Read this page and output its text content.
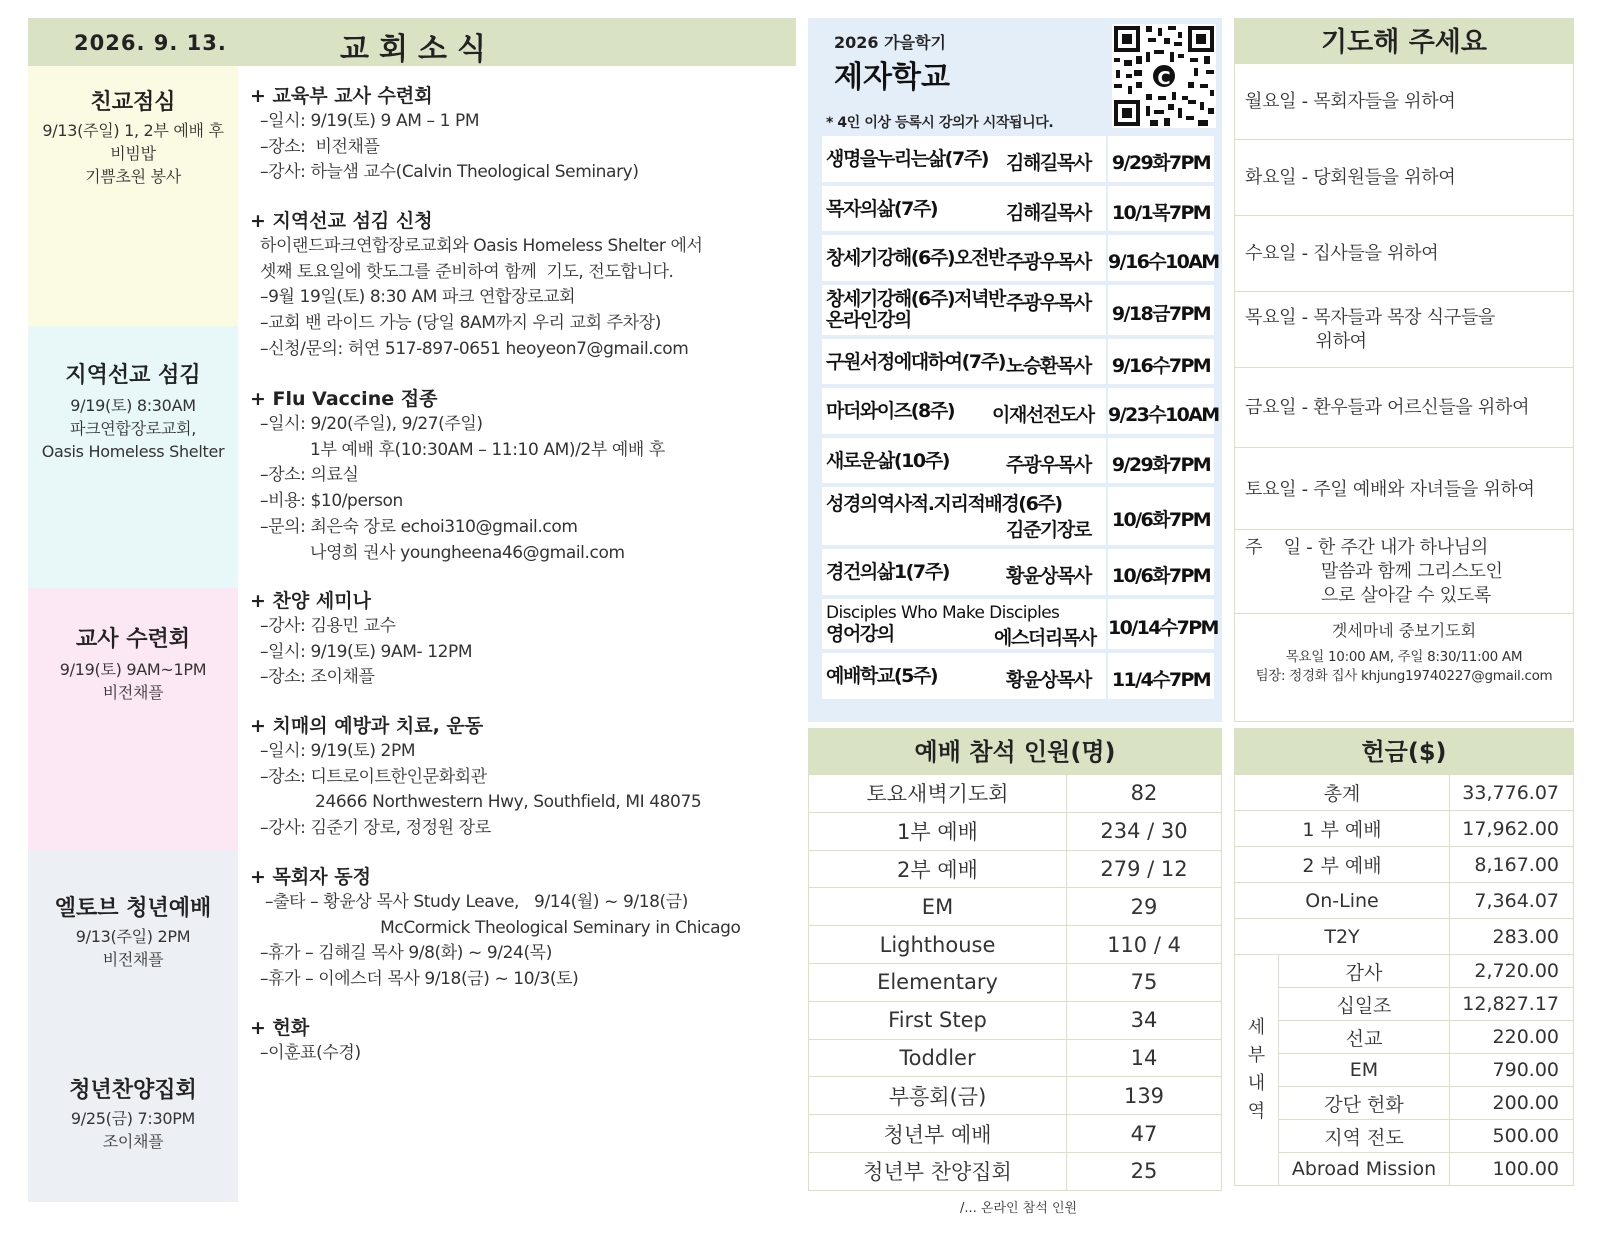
2026. 9. 13.	교회소식
친교점심
9/13(주일) 1, 2부 예배 후
비빔밥
기쁨초원 봉사
지역선교 섬김
9/19(토) 8:30AM
파크연합장로교회,
Oasis Homeless Shelter
교사 수련회
9/19(토) 9AM~1PM
비전채플
엘토브 청년예배
9/13(주일) 2PM
비전채플
청년찬양집회
9/25(금) 7:30PM
조이채플
+ 교육부 교사 수련회
–일시: 9/19(토) 9 AM – 1 PM
–장소:  비전채플
–강사: 하늘샘 교수(Calvin Theological Seminary)
+ 지역선교 섬김 신청
하이랜드파크연합장로교회와 Oasis Homeless Shelter 에서
셋째 토요일에 핫도그를 준비하여 함께  기도, 전도합니다.
–9월 19일(토) 8:30 AM 파크 연합장로교회
–교회 밴 라이드 가능 (당일 8AM까지 우리 교회 주차장)
–신청/문의: 허연 517-897-0651 heoyeon7@gmail.com
+ Flu Vaccine 접종
–일시: 9/20(주일), 9/27(주일)
1부 예배 후(10:30AM – 11:10 AM)/2부 예배 후
–장소: 의료실
–비용: $10/person
–문의: 최은숙 장로 echoi310@gmail.com
나영희 권사 youngheena46@gmail.com
+ 찬양 세미나
–강사: 김용민 교수
–일시: 9/19(토) 9AM- 12PM
–장소: 조이채플
+ 치매의 예방과 치료, 운동
–일시: 9/19(토) 2PM
–장소: 디트로이트한인문화회관
24666 Northwestern Hwy, Southfield, MI 48075
–강사: 김준기 장로, 정정원 장로
+ 목회자 동정
–출타 – 황윤상 목사 Study Leave,   9/14(월) ~ 9/18(금)
McCormick Theological Seminary in Chicago
–휴가 – 김해길 목사 9/8(화) ~ 9/24(목)
–휴가 – 이에스더 목사 9/18(금) ~ 10/3(토)
+ 헌화
–이훈표(수경)
2026 가을학기
제자학교
* 4인 이상 등록시 강의가 시작됩니다.
C
생명을누리는삶(7주) 김해길목사 9/29화7PM
목자의삶(7주)	김해길목사 10/1목7PM
창세기강해(6주)오전반 주광우목사 9/16수10AM
창세기강해(6주)저녁반
온라인강의
주광우목사 9/18금7PM
구원서정에대하여(7주) 노승환목사 9/16수7PM
마더와이즈(8주) 이재선전도사 9/23수10AM
새로운삶(10주)	주광우목사 9/29화7PM
성경의역사적.지리적배경(6주)
김준기장로 10/6화7PM
경건의삶1(7주)	황윤상목사 10/6화7PM
Disciples Who Make Disciples
영어강의	에스더리목사 10/14수7PM
예배학교(5주)	황윤상목사 11/4수7PM
기도해 주세요
월요일 - 목회자들을 위하여
화요일 - 당회원들을 위하여
수요일 - 집사들을 위하여
목요일 - 목자들과 목장 식구들을
위하여
금요일 - 환우들과 어르신들을 위하여
토요일 - 주일 예배와 자녀들을 위하여
주    일 - 한 주간 내가 하나님의
말씀과 함께 그리스도인
으로 살아갈 수 있도록
겟세마네 중보기도회
목요일 10:00 AM, 주일 8:30/11:00 AM
팀장: 정경화 집사 khjung19740227@gmail.com
예배 참석 인원(명)
토요새벽기도회	82
1부 예배	234 / 30
2부 예배	279 / 12
EM	29
Lighthouse	110 / 4
Elementary	75
First Step	34
Toddler	14
부흥회(금)	139
청년부 예배	47
청년부 찬양집회	25
/... 온라인 참석 인원
헌금($)
총계		33,776.07
1 부 예배		17,962.00
2 부 예배		8,167.00
On-Line		7,364.07
T2Y		283.00

세
부
내
역	감사	2,720.00
	십일조	12,827.17
	선교	220.00
	EM	790.00
	강단 헌화	200.00
	지역 전도	500.00
	Abroad Mission	100.00
